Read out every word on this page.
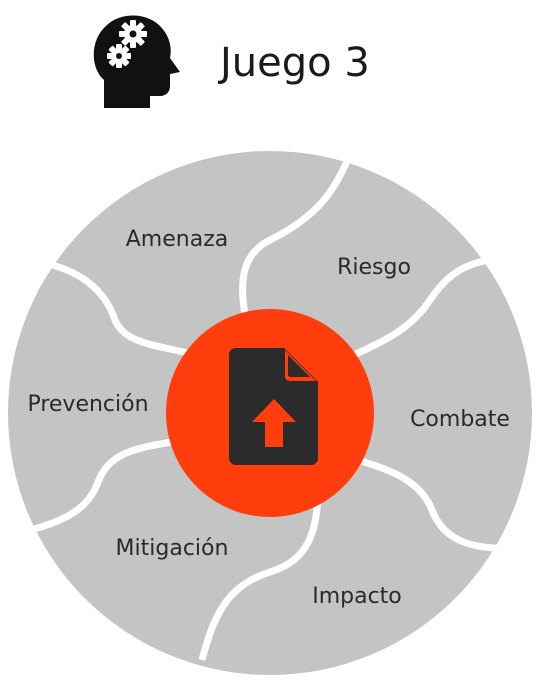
Juego 3
Amenaza
Riesgo
Combate
Impacto
Mitigación
Prevención
